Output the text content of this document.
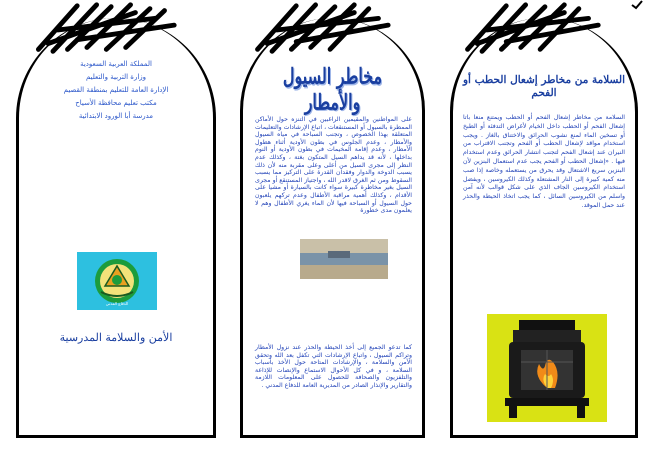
المملكة العربية السعودية
وزارة التربية والتعليم
الإدارة العامة للتعليم بمنطقة القصيم
مكتب تعليم محافظة الأسياح
مدرسة أبا الورود الابتدائية
الدفاع المدني
الأمن والسلامة المدرسية
مخاطر السيول والأمطار
على المواطنين والمقيمين الراغبين في التنزه حول الأماكن الممطرة بالسيول أو المستنقعات ، اتباع الإرشادات والتعليمات المتعلقة بهذا الخصوص ، وتجنب السباحة في مياه السيول والأمطار ، وعدم الجلوس في بطون الأودية أثناء هطول الأمطار ، وعدم إقامة المخيمات في بطون الأودية أو النوم بداخلها ، لأنه قد يداهم السيل المتكون بغتة ، وكذلك عدم النظر إلى مجرى السيل من أعلى وعلى مقربة منه لأن ذلك يسبب الدوخة والدوار وفقدان القدرة على التركيز مما يسبب السقوط ومن ثم الغرق لاقدر الله ، واجتياز المستنقع أو مجرى السيل بغير مخاطرة كبيرة سواء كانت بالسيارة أو مشيا على الأقدام ، وكذلك أهمية مراقبة الأطفال وعدم تركهم يلعبون حول السيول أو السباحة فيها لأن الماء يغري الأطفال وهم لا يعلمون مدى خطورة
كما تدعو الجميع إلى أخذ الحيطة والحذر عند نزول الأمطار وتراكم السيول ، واتباع الإرشادات التي تكفل بعد الله وتحقق الأمن والسلامة ، والإرشادات المتاحة حول الأخذ بأسباب السلامة ، و في كل الأحوال الاستماع والإنصات للإذاعة والتلفزيون والصحافة للحصول على المعلومات اللازمة والتقارير والإنذار الصادر من المديرية العامة للدفاع المدني .
السلامة من مخاطر إشعال الحطب أو الفحم
السلامة من مخاطر إشعال الفحم أو الحطب ويمتنع منعا باتا إشعال الفحم أو الحطب داخل الخيام لأغراض التدفئة أو الطبخ أو تسخين الماء لمنع نشوب الحرائق والاختناق بالغاز . ويجب استخدام مواقد لإشعال الحطب أو الفحم وتجنب الاقتراب من النيران عند إشعال الفحم لتجنب انتشار الحرائق وعدم استخدام فيها . «إشعال الحطب أو الفحم يجب عدم استعمال البنزين لأن البنزين سريع الاشتعال وقد يحرق من يستعمله وخاصة إذا صب منه كمية كبيرة إلى النار المشتعلة وكذلك الكيروسين ، ويفضل استخدام الكيروسين الجاف الذي على شكل قوالب لأنه آمن واسلم من الكيروسين السائل ، كما يجب اتخاذ الحيطة والحذر عند حمل الموقد.
